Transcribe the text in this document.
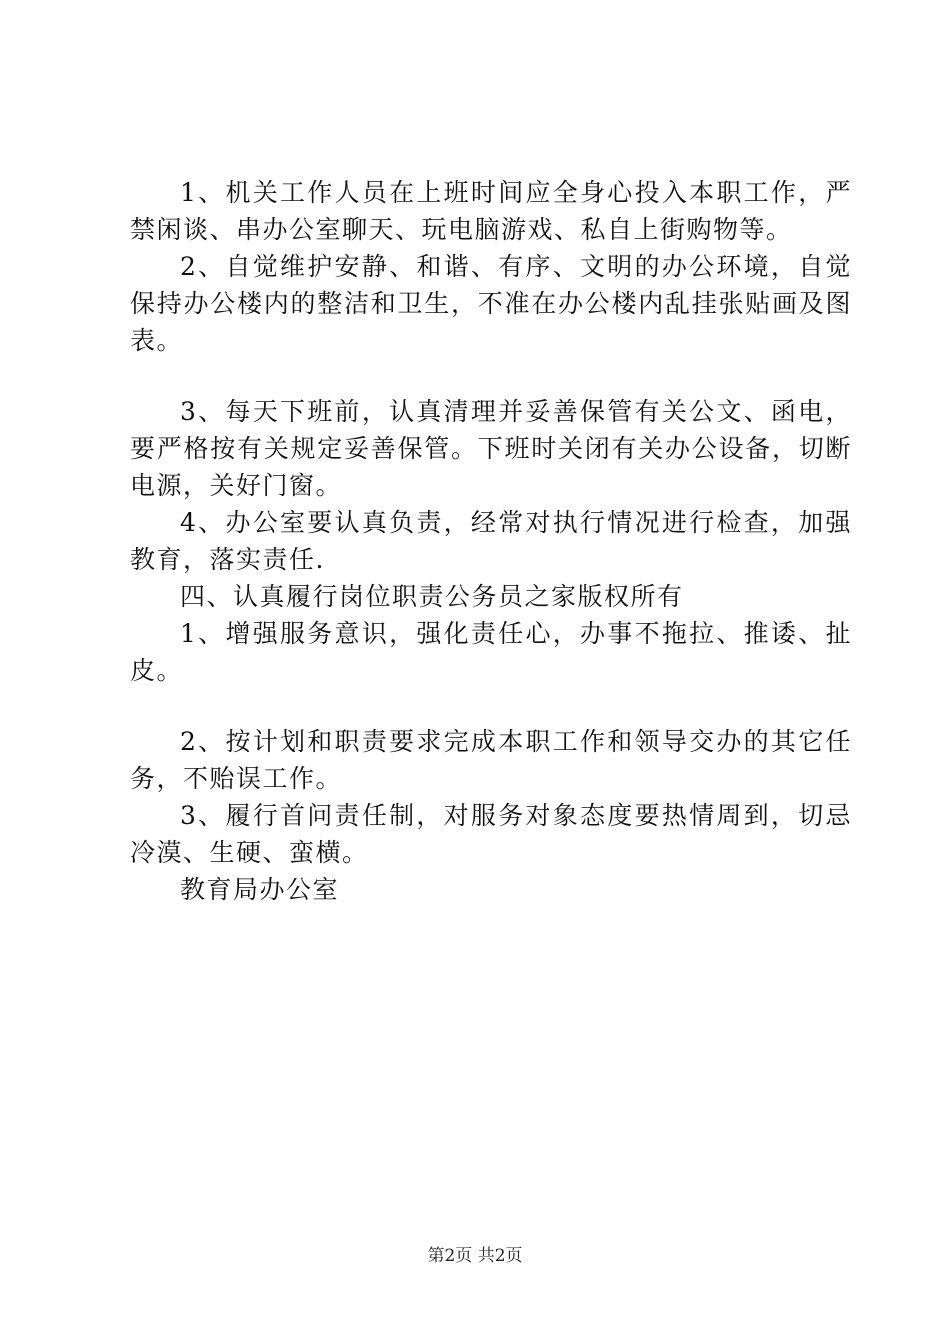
1、机关工作人员在上班时间应全身心投入本职工作，严禁闲谈、串办公室聊天、玩电脑游戏、私自上街购物等。

2、自觉维护安静、和谐、有序、文明的办公环境，自觉保持办公楼内的整洁和卫生，不准在办公楼内乱挂张贴画及图表。

3、每天下班前，认真清理并妥善保管有关公文、函电，要严格按有关规定妥善保管。下班时关闭有关办公设备，切断电源，关好门窗。

4、办公室要认真负责，经常对执行情况进行检查，加强教育，落实责任.

四、认真履行岗位职责公务员之家版权所有

1、增强服务意识，强化责任心，办事不拖拉、推诿、扯皮。

2、按计划和职责要求完成本职工作和领导交办的其它任务，不贻误工作。

3、履行首问责任制，对服务对象态度要热情周到，切忌冷漠、生硬、蛮横。

教育局办公室

第2页 共2页
